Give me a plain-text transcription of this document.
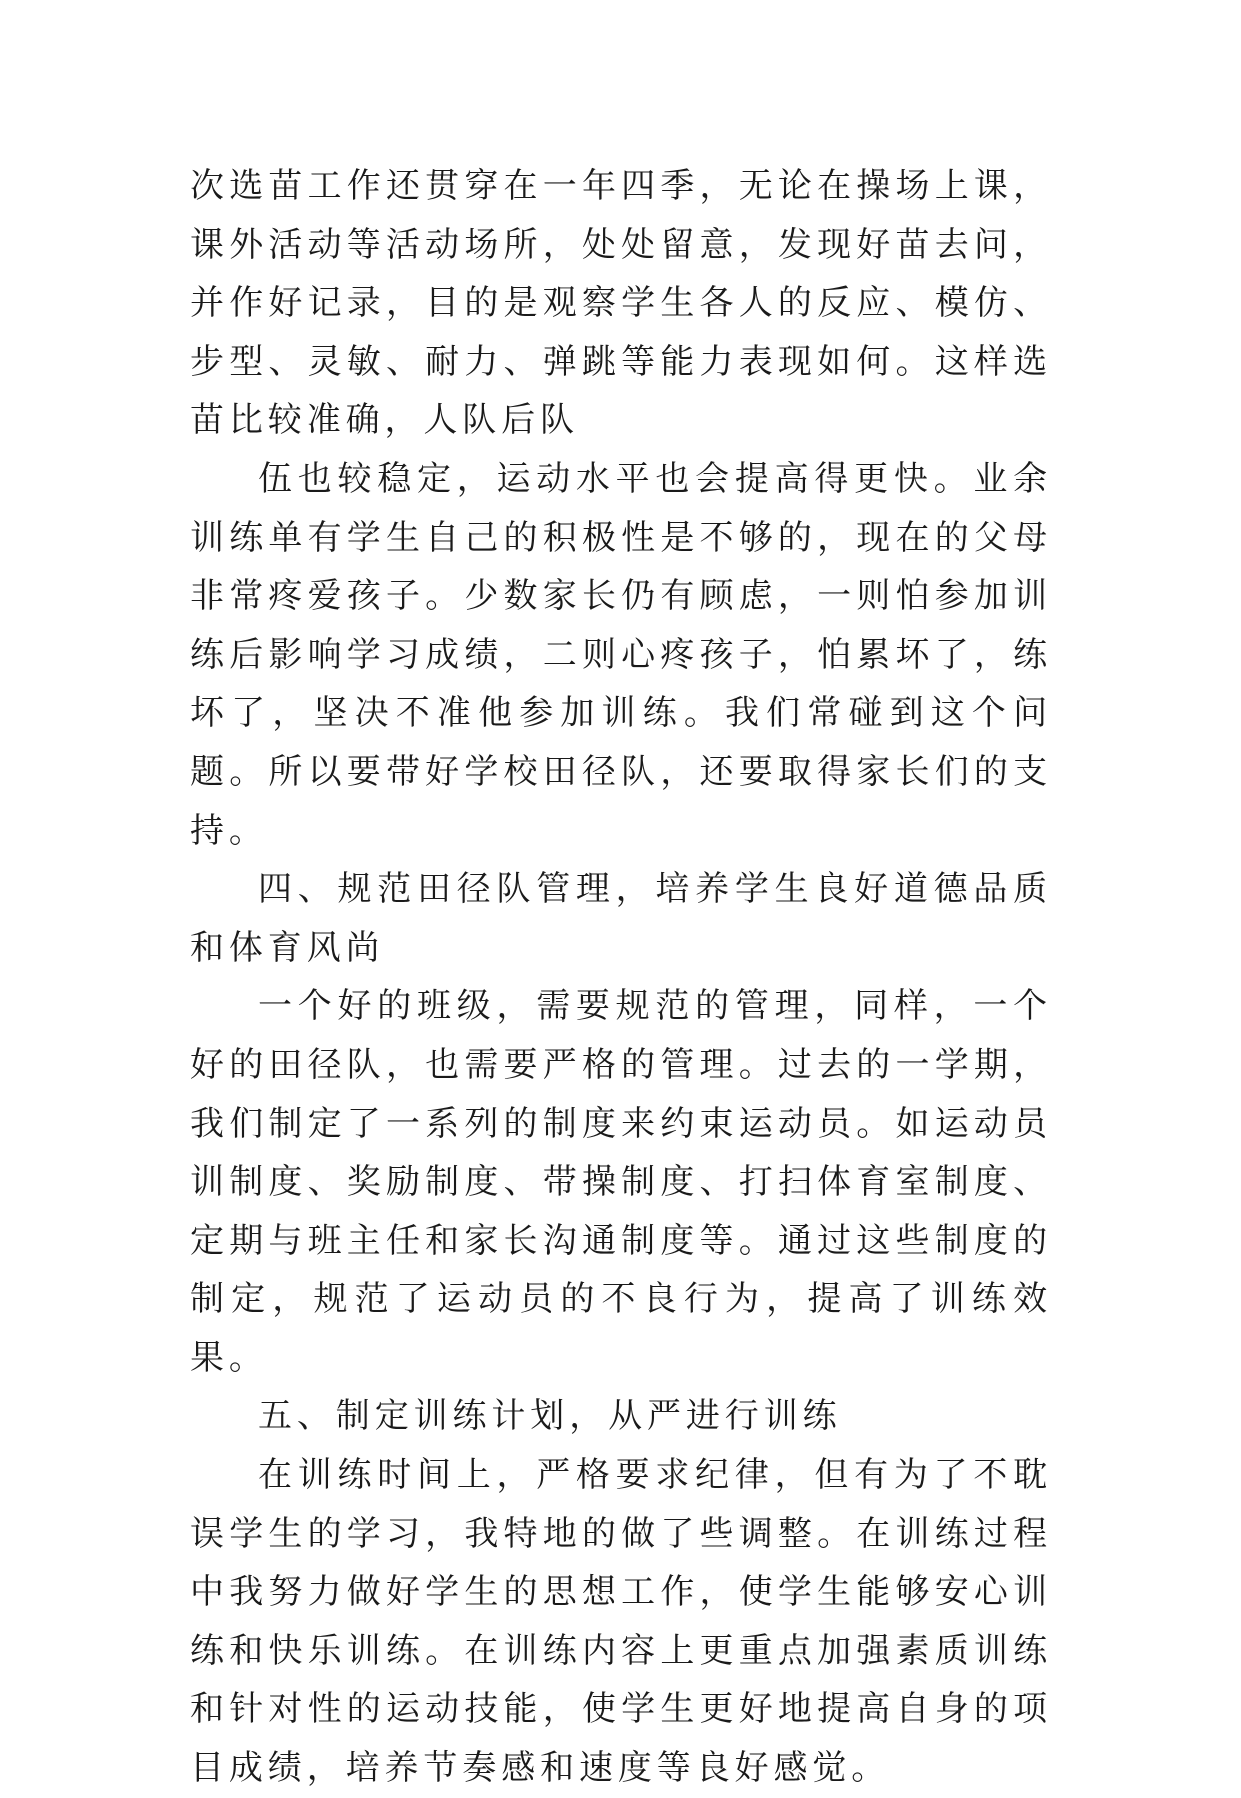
次选苗工作还贯穿在一年四季，无论在操场上课，课外活动等活动场所，处处留意，发现好苗去问，并作好记录，目的是观察学生各人的反应、模仿、步型、灵敏、耐力、弹跳等能力表现如何。这样选苗比较准确，人队后队

伍也较稳定，运动水平也会提高得更快。业余训练单有学生自己的积极性是不够的，现在的父母非常疼爱孩子。少数家长仍有顾虑，一则怕参加训练后影响学习成绩，二则心疼孩子，怕累坏了，练坏了，坚决不准他参加训练。我们常碰到这个问题。所以要带好学校田径队，还要取得家长们的支持。

四、规范田径队管理，培养学生良好道德品质和体育风尚

一个好的班级，需要规范的管理，同样，一个好的田径队，也需要严格的管理。过去的一学期，我们制定了一系列的制度来约束运动员。如运动员训制度、奖励制度、带操制度、打扫体育室制度、定期与班主任和家长沟通制度等。通过这些制度的制定，规范了运动员的不良行为，提高了训练效果。

五、制定训练计划，从严进行训练

在训练时间上，严格要求纪律，但有为了不耽误学生的学习，我特地的做了些调整。在训练过程中我努力做好学生的思想工作，使学生能够安心训练和快乐训练。在训练内容上更重点加强素质训练和针对性的运动技能，使学生更好地提高自身的项目成绩，培养节奏感和速度等良好感觉。
